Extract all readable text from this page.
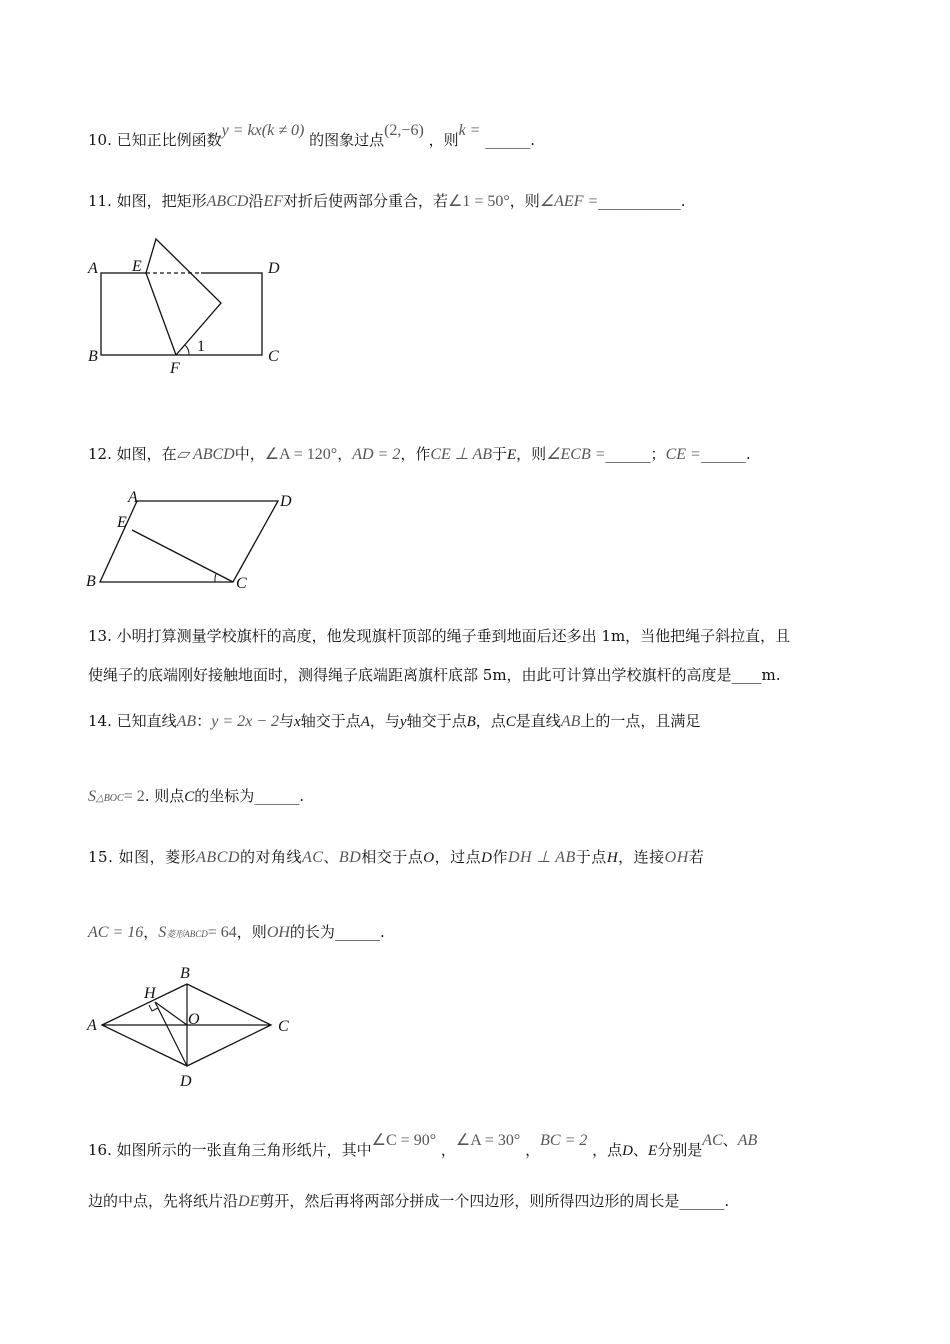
10. 已知正比例函数y = kx(k ≠ 0) 的图象过点(2,−6) ，则k = ______.
11. 如图，把矩形ABCD沿EF对折后使两部分重合，若∠1 = 50°，则∠AEF =___________.
A E	D
B	C
F
1
12. 如图，在▱ ABCD中，∠A = 120°，AD = 2，作CE ⊥ AB于E，则∠ECB =______；CE =______.
A	D
E
B	C
13. 小明打算测量学校旗杆的高度，他发现旗杆顶部的绳子垂到地面后还多出 1m，当他把绳子斜拉直，且
使绳子的底端刚好接触地面时，测得绳子底端距离旗杆底部 5m，由此可计算出学校旗杆的高度是____m.
14. 已知直线AB：y = 2x − 2与x轴交于点A，与y轴交于点B，点C是直线AB上的一点，且满足
S△BOC= 2. 则点C的坐标为______.
15. 如图，菱形ABCD的对角线AC、BD相交于点O，过点D作DH ⊥ AB于点H，连接OH若
AC = 16，S菱形ABCD= 64，则OH的长为______.
A
B
C
D
H
O
16. 如图所示的一张直角三角形纸片，其中∠C = 90° ，∠A = 30° ，BC = 2 ，点D、E分别是AC、AB
边的中点，先将纸片沿DE剪开，然后再将两部分拼成一个四边形，则所得四边形的周长是______.
